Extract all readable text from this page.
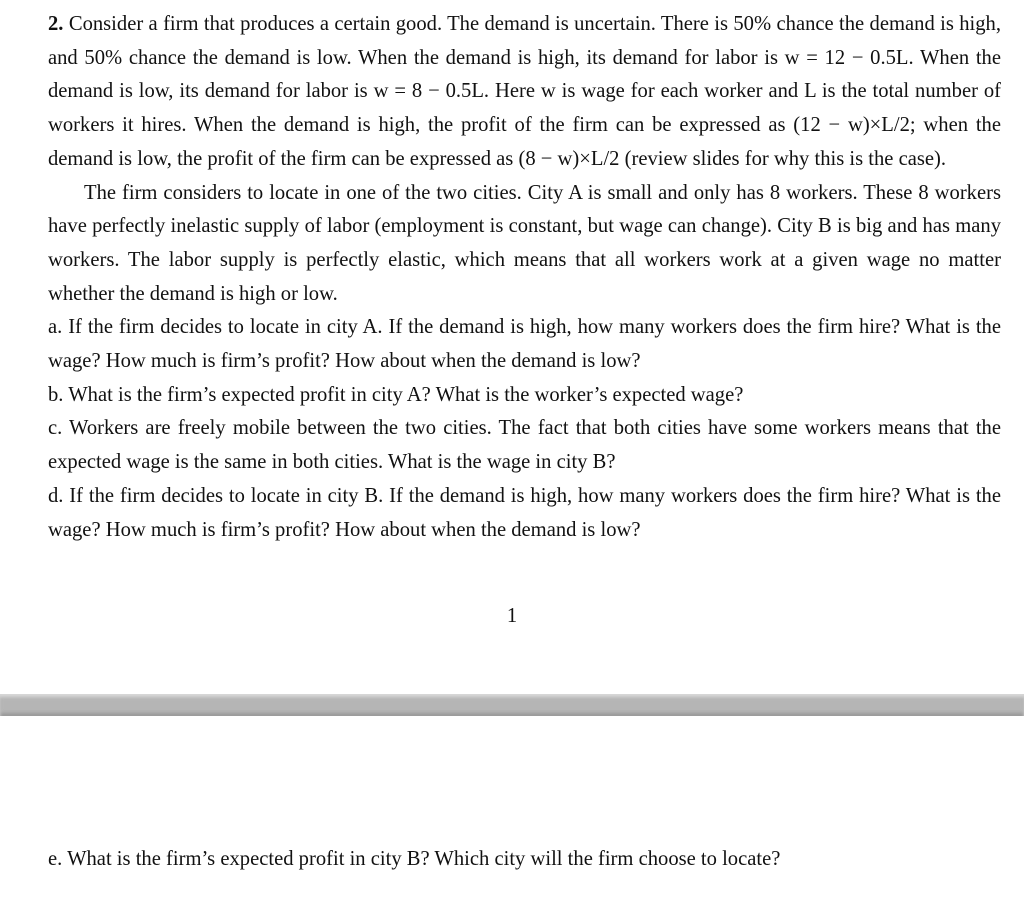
2. Consider a firm that produces a certain good. The demand is uncertain. There is 50% chance the demand is high, and 50% chance the demand is low. When the demand is high, its demand for labor is w = 12 − 0.5L. When the demand is low, its demand for labor is w = 8 − 0.5L. Here w is wage for each worker and L is the total number of workers it hires. When the demand is high, the profit of the firm can be expressed as (12 − w)×L/2; when the demand is low, the profit of the firm can be expressed as (8 − w)×L/2 (review slides for why this is the case).

The firm considers to locate in one of the two cities. City A is small and only has 8 workers. These 8 workers have perfectly inelastic supply of labor (employment is constant, but wage can change). City B is big and has many workers. The labor supply is perfectly elastic, which means that all workers work at a given wage no matter whether the demand is high or low.

a. If the firm decides to locate in city A. If the demand is high, how many workers does the firm hire? What is the wage? How much is firm’s profit? How about when the demand is low?

b. What is the firm’s expected profit in city A? What is the worker’s expected wage?

c. Workers are freely mobile between the two cities. The fact that both cities have some workers means that the expected wage is the same in both cities. What is the wage in city B?

d. If the firm decides to locate in city B. If the demand is high, how many workers does the firm hire? What is the wage? How much is firm’s profit? How about when the demand is low?

1

e. What is the firm’s expected profit in city B? Which city will the firm choose to locate?
